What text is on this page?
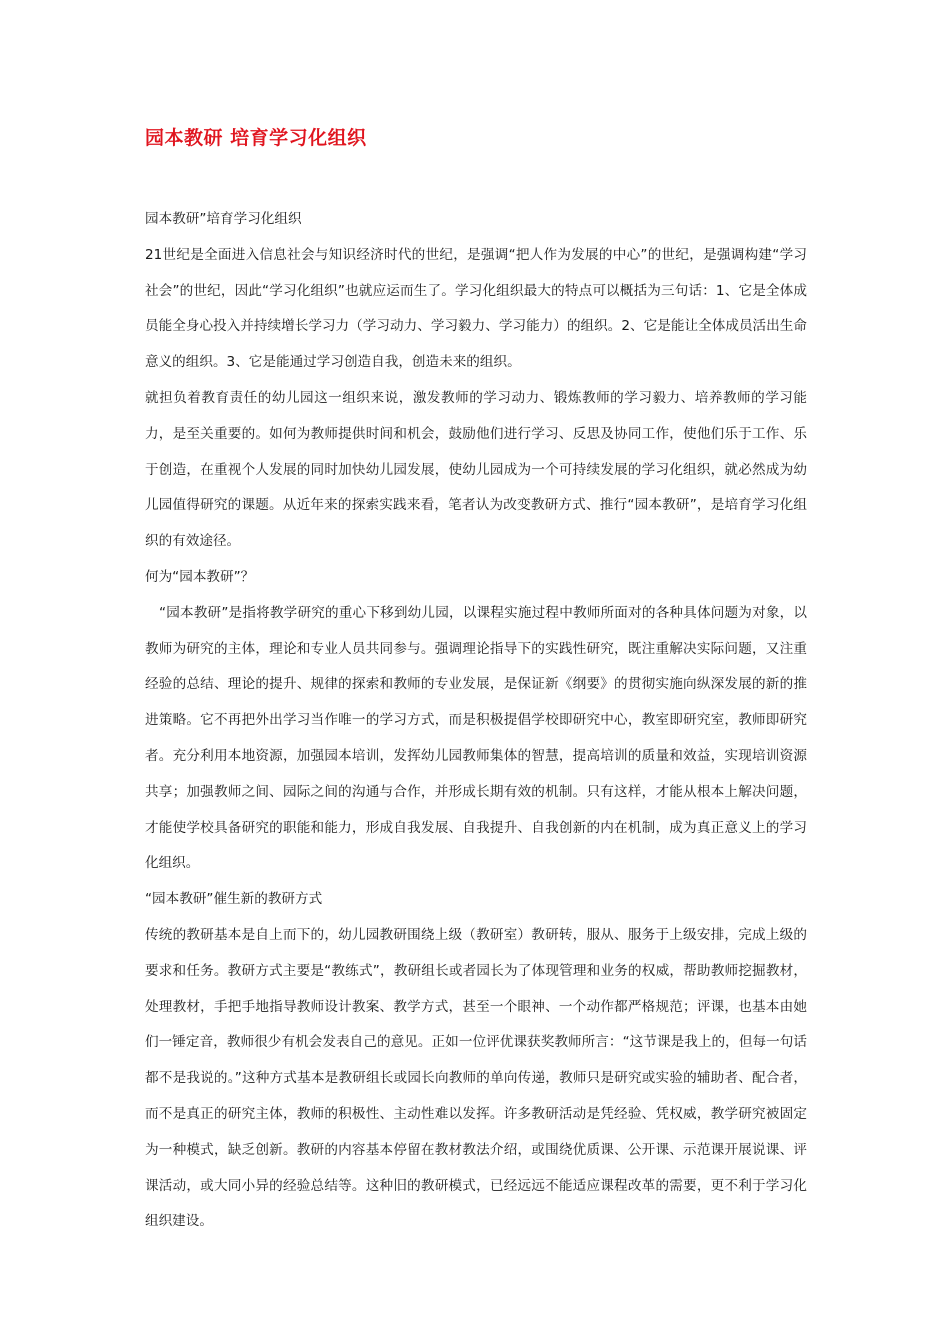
园本教研 培育学习化组织

园本教研”培育学习化组织

21世纪是全面进入信息社会与知识经济时代的世纪，是强调“把人作为发展的中心”的世纪，是强调构建“学习社会”的世纪，因此“学习化组织”也就应运而生了。学习化组织最大的特点可以概括为三句话：1、它是全体成员能全身心投入并持续增长学习力（学习动力、学习毅力、学习能力）的组织。2、它是能让全体成员活出生命意义的组织。3、它是能通过学习创造自我，创造未来的组织。

就担负着教育责任的幼儿园这一组织来说，激发教师的学习动力、锻炼教师的学习毅力、培养教师的学习能力，是至关重要的。如何为教师提供时间和机会，鼓励他们进行学习、反思及协同工作，使他们乐于工作、乐于创造，在重视个人发展的同时加快幼儿园发展，使幼儿园成为一个可持续发展的学习化组织，就必然成为幼儿园值得研究的课题。从近年来的探索实践来看，笔者认为改变教研方式、推行“园本教研”，是培育学习化组织的有效途径。

何为“园本教研”？

“园本教研”是指将教学研究的重心下移到幼儿园，以课程实施过程中教师所面对的各种具体问题为对象，以教师为研究的主体，理论和专业人员共同参与。强调理论指导下的实践性研究，既注重解决实际问题，又注重经验的总结、理论的提升、规律的探索和教师的专业发展，是保证新《纲要》的贯彻实施向纵深发展的新的推进策略。它不再把外出学习当作唯一的学习方式，而是积极提倡学校即研究中心，教室即研究室，教师即研究者。充分利用本地资源，加强园本培训，发挥幼儿园教师集体的智慧，提高培训的质量和效益，实现培训资源共享；加强教师之间、园际之间的沟通与合作，并形成长期有效的机制。只有这样，才能从根本上解决问题，才能使学校具备研究的职能和能力，形成自我发展、自我提升、自我创新的内在机制，成为真正意义上的学习化组织。

“园本教研”催生新的教研方式

传统的教研基本是自上而下的，幼儿园教研围绕上级（教研室）教研转，服从、服务于上级安排，完成上级的要求和任务。教研方式主要是“教练式”，教研组长或者园长为了体现管理和业务的权威，帮助教师挖掘教材，处理教材，手把手地指导教师设计教案、教学方式，甚至一个眼神、一个动作都严格规范；评课，也基本由她们一锤定音，教师很少有机会发表自己的意见。正如一位评优课获奖教师所言：“这节课是我上的，但每一句话都不是我说的。”这种方式基本是教研组长或园长向教师的单向传递，教师只是研究或实验的辅助者、配合者，而不是真正的研究主体，教师的积极性、主动性难以发挥。许多教研活动是凭经验、凭权威，教学研究被固定为一种模式，缺乏创新。教研的内容基本停留在教材教法介绍，或围绕优质课、公开课、示范课开展说课、评课活动，或大同小异的经验总结等。这种旧的教研模式，已经远远不能适应课程改革的需要，更不利于学习化组织建设。
